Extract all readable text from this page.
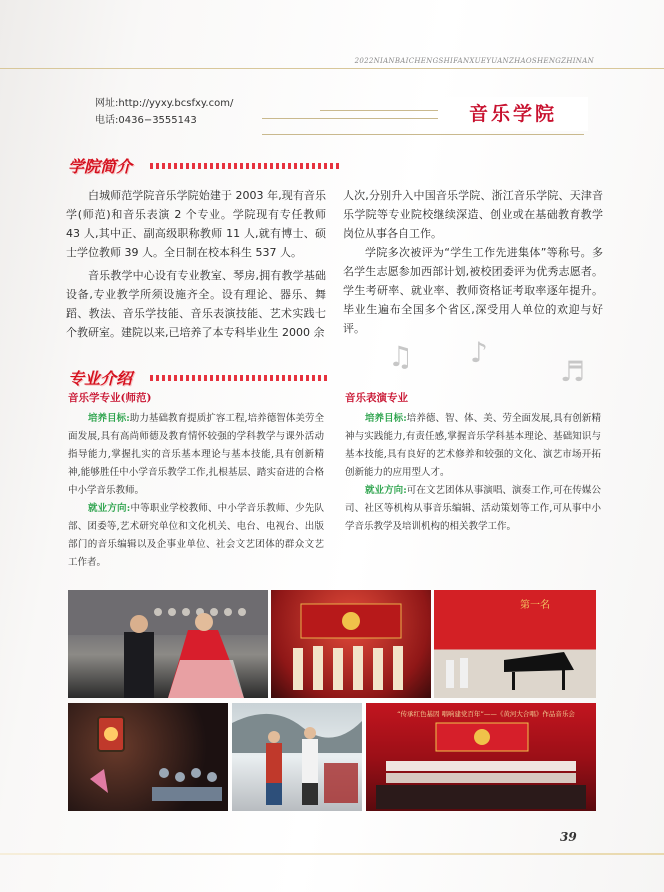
2022NIANBAICHENGSHIFANXUEYUANZHAOSHENGZHINAN
网址:http://yyxy.bcsfxy.com/
电话:0436−3555143	音乐学院
学院简介

白城师范学院音乐学院始建于 2003 年,现有音乐学(师范)和音乐表演 2 个专业。学院现有专任教师 43 人,其中正、副高级职称教师 11 人,就有博士、硕士学位教师 39 人。全日制在校本科生 537 人。

音乐教学中心设有专业教室、琴房,拥有教学基础设备,专业教学所须设施齐全。设有理论、器乐、舞蹈、教法、音乐学技能、音乐表演技能、艺术实践七个教研室。建院以来,已培养了本专科毕业生 2000 余

人次,分别升入中国音乐学院、浙江音乐学院、天津音乐学院等专业院校继续深造、创业或在基础教育教学岗位从事各自工作。

学院多次被评为“学生工作先进集体”等称号。多名学生志愿参加西部计划,被校团委评为优秀志愿者。学生考研率、就业率、教师资格证考取率逐年提升。毕业生遍布全国多个省区,深受用人单位的欢迎与好评。

♫ ♪
♬
专业介绍
音乐学专业(师范)

培养目标:助力基础教育提质扩容工程,培养德智体美劳全面发展,具有高尚师德及教育情怀较强的学科教学与课外活动指导能力,掌握扎实的音乐基本理论与基本技能,具有创新精神,能够胜任中小学音乐教学工作,扎根基层、踏实奋进的合格中小学音乐教师。

就业方向:中等职业学校教师、中小学音乐教师、少先队部、团委等,艺术研究单位和文化机关、电台、电视台、出版部门的音乐编辑以及企事业单位、社会文艺团体的群众文艺工作者。

音乐表演专业

培养目标:培养德、智、体、美、劳全面发展,具有创新精神与实践能力,有责任感,掌握音乐学科基本理论、基础知识与基本技能,具有良好的艺术修养和较强的文化、演艺市场开拓创新能力的应用型人才。

就业方向:可在文艺团体从事演唱、演奏工作,可在传媒公司、社区等机构从事音乐编辑、活动策划等工作,可从事中小学音乐教学及培训机构的相关教学工作。

第一名
“传承红色基因 唱响建党百年”——《黄河大合唱》作品音乐会
39
